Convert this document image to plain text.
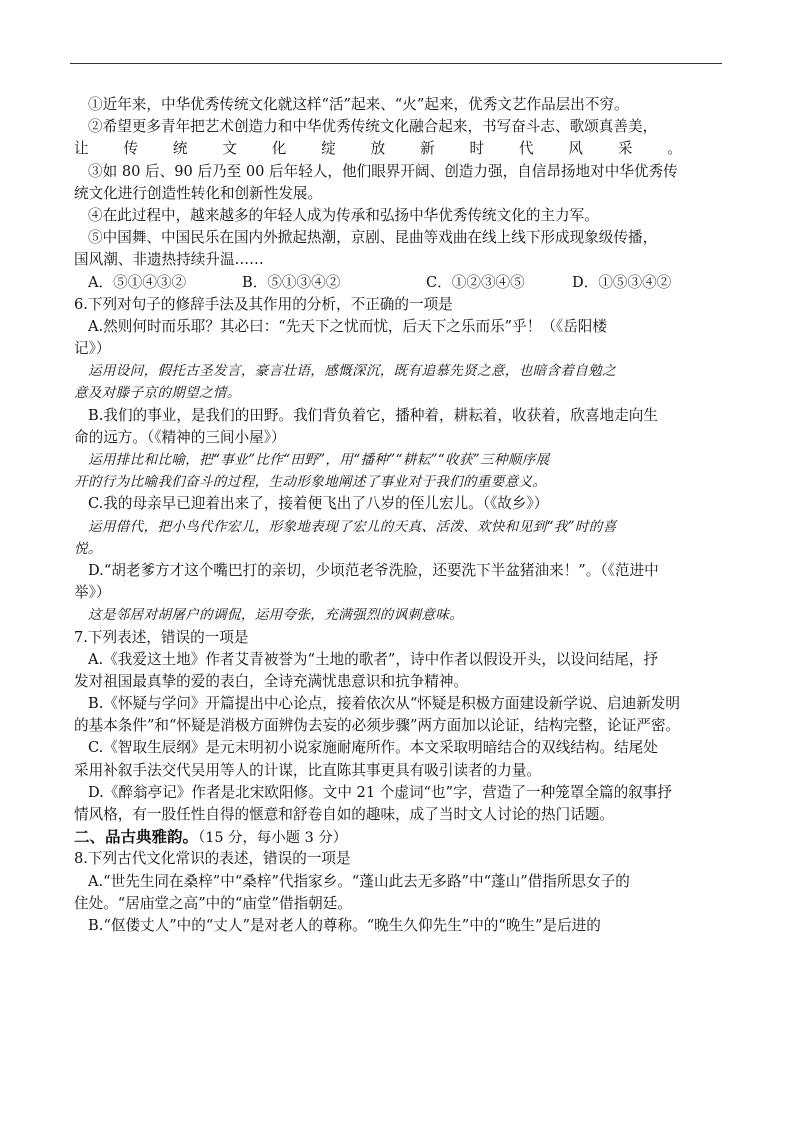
①近年来，中华优秀传统文化就这样“活”起来、“火”起来，优秀文艺作品层出不穷。
②希望更多青年把艺术创造力和中华优秀传统文化融合起来，书写奋斗志、歌颂真善美，
让 传 统 文 化 绽 放 新 时 代 风 采 。
③如 80 后、90 后乃至 00 后年轻人，他们眼界开阔、创造力强，自信昂扬地对中华优秀传
统文化进行创造性转化和创新性发展。
④在此过程中，越来越多的年轻人成为传承和弘扬中华优秀传统文化的主力军。
⑤中国舞、中国民乐在国内外掀起热潮，京剧、昆曲等戏曲在线上线下形成现象级传播，
国风潮、非遗热持续升温……
A．⑤①④③②	B．⑤①③④②	C．①②③④⑤	D．①⑤③④②
6.下列对句子的修辞手法及其作用的分析，不正确的一项是
A.然则何时而乐耶？其必曰：“先天下之忧而忧，后天下之乐而乐”乎！（《岳阳楼
记》）
运用设问，假托古圣发言，豪言壮语，感慨深沉，既有追慕先贤之意，也暗含着自勉之
意及对滕子京的期望之情。
B.我们的事业，是我们的田野。我们背负着它，播种着，耕耘着，收获着，欣喜地走向生
命的远方。（《精神的三间小屋》）
运用排比和比喻，把“事业”比作“田野”，用“播种”“耕耘”“收获”三种顺序展
开的行为比喻我们奋斗的过程，生动形象地阐述了事业对于我们的重要意义。
C.我的母亲早已迎着出来了，接着便飞出了八岁的侄儿宏儿。（《故乡》）
运用借代，把小鸟代作宏儿，形象地表现了宏儿的天真、活泼、欢快和见到“我”时的喜
悦。
D.“胡老爹方才这个嘴巴打的亲切，少顷范老爷洗脸，还要洗下半盆猪油来！”。（《范进中
举》）
这是邻居对胡屠户的调侃，运用夸张，充满强烈的讽刺意味。
7.下列表述，错误的一项是
A.《我爱这土地》作者艾青被誉为“土地的歌者”，诗中作者以假设开头，以设问结尾，抒
发对祖国最真挚的爱的表白，全诗充满忧患意识和抗争精神。
B.《怀疑与学问》开篇提出中心论点，接着依次从“怀疑是积极方面建设新学说、启迪新发明
的基本条件”和“怀疑是消极方面辨伪去妄的必须步骤”两方面加以论证，结构完整，论证严密。
C.《智取生辰纲》是元末明初小说家施耐庵所作。本文采取明暗结合的双线结构。结尾处
采用补叙手法交代吴用等人的计谋，比直陈其事更具有吸引读者的力量。
D.《醉翁亭记》作者是北宋欧阳修。文中 21 个虚词“也”字，营造了一种笼罩全篇的叙事抒
情风格，有一股任性自得的惬意和舒卷自如的趣味，成了当时文人讨论的热门话题。
二、品古典雅韵。（15 分，每小题 3 分）
8.下列古代文化常识的表述，错误的一项是
A.“世先生同在桑梓”中“桑梓”代指家乡。“蓬山此去无多路”中“蓬山”借指所思女子的
住处。“居庙堂之高”中的“庙堂”借指朝廷。
B.“伛偻丈人”中的“丈人”是对老人的尊称。“晚生久仰先生”中的“晚生”是后进的
